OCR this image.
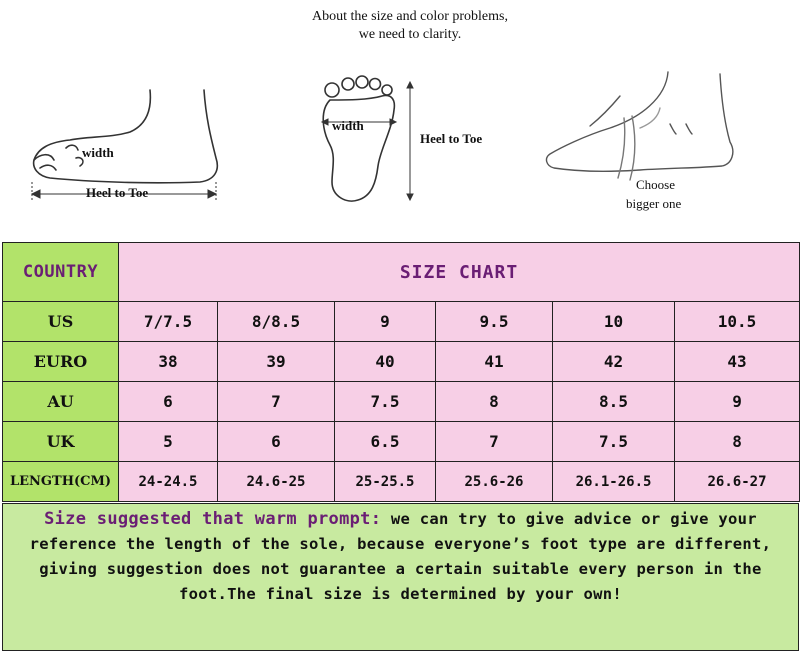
About the size and color problems,
we need to clarity.
width
Heel to Toe
width
Heel to Toe
Choose
bigger one
COUNTRY	SIZE CHART					
US	7/7.5	8/8.5	9	9.5	10	10.5
EURO	38	39	40	41	42	43
AU	6	7	7.5	8	8.5	9
UK	5	6	6.5	7	7.5	8
LENGTH(CM)	24-24.5	24.6-25	25-25.5	25.6-26	26.1-26.5	26.6-27
Size suggested that warm prompt: we can try to give advice or give your reference the length of the sole, because everyone’s foot type are different, giving suggestion does not guarantee a certain suitable every person in the foot.The final size is determined by your own!
